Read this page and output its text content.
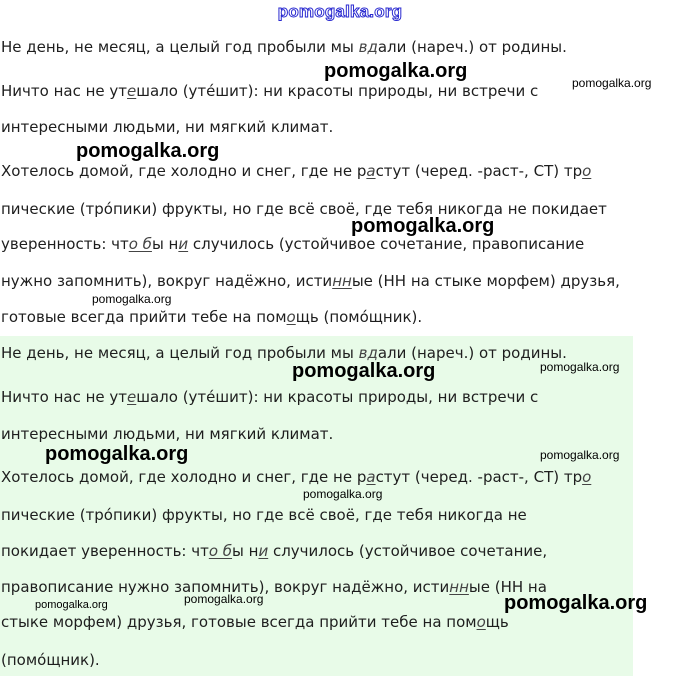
pomogalka.org
Не день, не месяц, а целый год пробыли мы вдали (нареч.) от родины.
Ничто нас не утешало (утéшит): ни красоты природы, ни встречи с
интересными людьми, ни мягкий климат.
Хотелось домой, где холодно и снег, где не растут (черед. -раст-, СТ) тро
пические (трóпики) фрукты, но где всё своё, где тебя никогда не покидает
уверенность: что бы ни случилось (устойчивое сочетание, правописание
нужно запомнить), вокруг надёжно, истинные (НН на стыке морфем) друзья,
готовые всегда прийти тебе на помощь (помóщник).
Не день, не месяц, а целый год пробыли мы вдали (нареч.) от родины.
Ничто нас не утешало (утéшит): ни красоты природы, ни встречи с
интересными людьми, ни мягкий климат.
Хотелось домой, где холодно и снег, где не растут (черед. -раст-, СТ) тро
пические (трóпики) фрукты, но где всё своё, где тебя никогда не
покидает уверенность: что бы ни случилось (устойчивое сочетание,
правописание нужно запомнить), вокруг надёжно, истинные (НН на
стыке морфем) друзья, готовые всегда прийти тебе на помощь
(помóщник).
pomogalka.org
pomogalka.org
pomogalka.org
pomogalka.org
pomogalka.org
pomogalka.org	pomogalka.org
pomogalka.org	pomogalka.org
pomogalka.org
pomogalka.org	pomogalka.org
pomogalka.org
